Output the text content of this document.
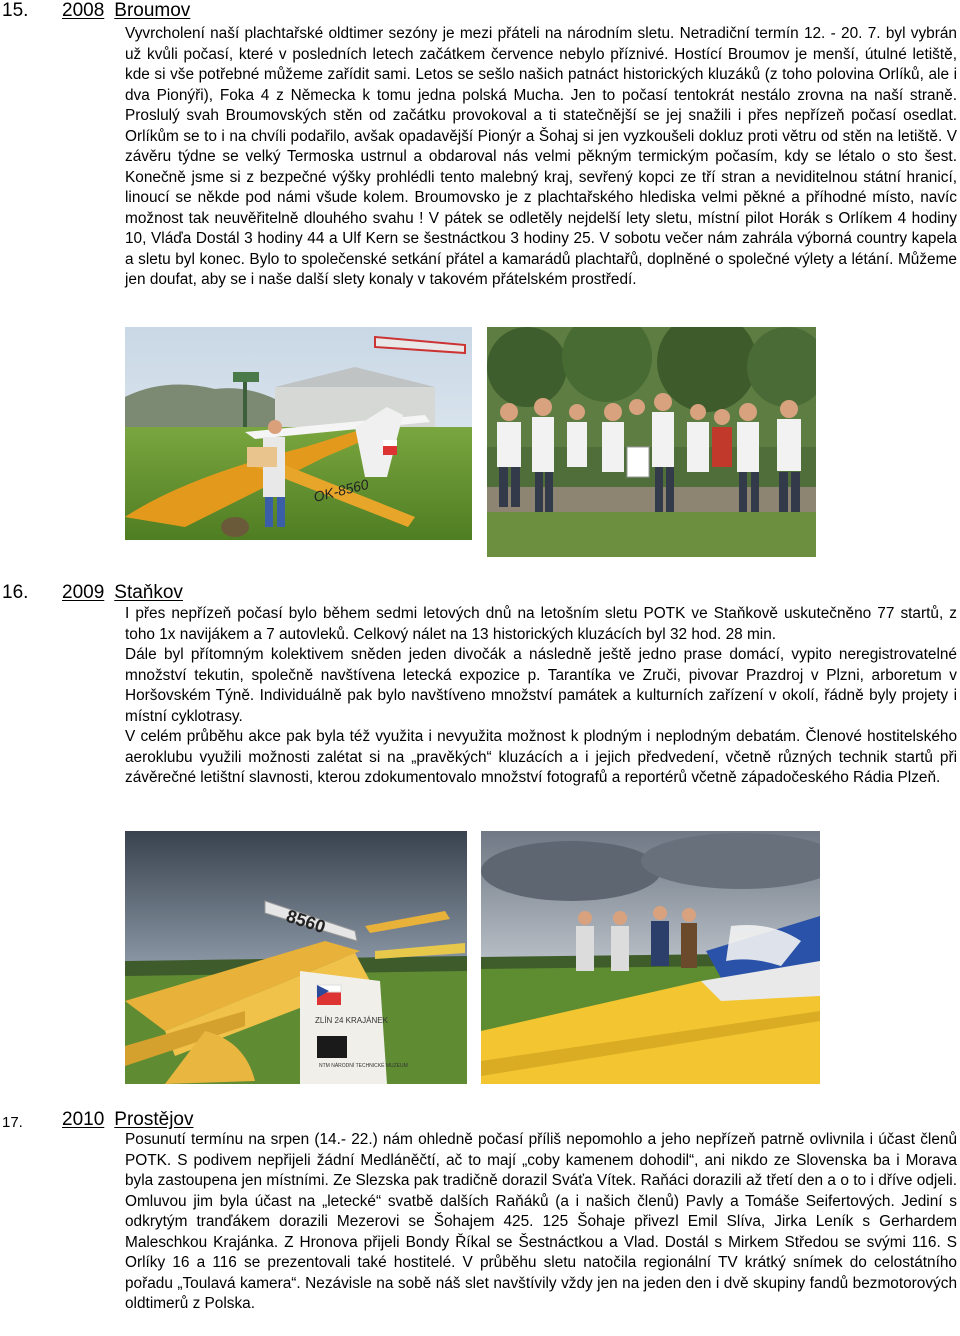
15. 2008 Broumov

Vyvrcholení naší plachtařské oldtimer sezóny je mezi přáteli na národním sletu. Netradiční termín 12. - 20. 7. byl vybrán už kvůli počasí, které v posledních letech začátkem července nebylo příznivé. Hostící Broumov je menší, útulné letiště, kde si vše potřebné můžeme zařídit sami. Letos se sešlo našich patnáct historických kluzáků (z toho polovina Orlíků, ale i dva Pionýři), Foka 4 z Německa k tomu jedna polská Mucha. Jen to počasí tentokrát nestálo zrovna na naší straně. Proslulý svah Broumovských stěn od začátku provokoval a ti statečnější se jej snažili i přes nepřízeň počasí osedlat. Orlíkům se to i na chvíli podařilo, avšak opadavější Pionýr a Šohaj si jen vyzkoušeli dokluz proti větru od stěn na letiště. V závěru týdne se velký Termoska ustrnul a obdaroval nás velmi pěkným termickým počasím, kdy se létalo o sto šest. Konečně jsme si z bezpečné výšky prohlédli tento malebný kraj, sevřený kopci ze tří stran a neviditelnou státní hranicí, linoucí se někde pod námi všude kolem. Broumovsko je z plachtařského hlediska velmi pěkné a příhodné místo, navíc možnost tak neuvěřitelně dlouhého svahu ! V pátek se odletěly nejdelší lety sletu, místní pilot Horák s Orlíkem 4 hodiny 10, Vláďa Dostál 3 hodiny 44 a Ulf Kern se šestnáctkou 3 hodiny 25. V sobotu večer nám zahrála výborná country kapela a sletu byl konec. Bylo to společenské setkání přátel a kamarádů plachtařů, doplněné o společné výlety a létání. Můžeme jen doufat, aby se i naše další slety konaly v takovém přátelském prostředí.

OK-8560
16. 2009 Staňkov

I přes nepřízeň počasí bylo během sedmi letových dnů na letošním sletu POTK ve Staňkově uskutečněno 77 startů, z toho 1x navijákem a 7 autovleků. Celkový nálet na 13 historických kluzácích byl 32 hod. 28 min.

Dále byl přítomným kolektivem sněden jeden divočák a následně ještě jedno prase domácí, vypito neregistrovatelné množství tekutin, společně navštívena letecká expozice p. Tarantíka ve Zruči, pivovar Prazdroj v Plzni, arboretum v Horšovském Týně. Individuálně pak bylo navštíveno množství památek a kulturních zařízení v okolí, řádně byly projety i místní cyklotrasy.

V celém průběhu akce pak byla též využita i nevyužita možnost k plodným i neplodným debatám. Členové hostitelského aeroklubu využili možnosti zalétat si na „pravěkých“ kluzácích a i jejich předvedení, včetně různých technik startů při závěrečné letištní slavnosti, kterou zdokumentovalo množství fotografů a reportérů včetně západočeského Rádia Plzeň.

8560
ZLÍN 24 KRAJÁNEK
NTM NÁRODNÍ TECHNICKÉ MUZEUM
17. 2010 Prostějov

Posunutí termínu na srpen (14.- 22.) nám ohledně počasí příliš nepomohlo a jeho nepřízeň patrně ovlivnila i účast členů POTK. S podivem nepřijeli žádní Medláněčtí, ač to mají „coby kamenem dohodil“, ani nikdo ze Slovenska ba i Morava byla zastoupena jen místními. Ze Slezska pak tradičně dorazil Sváťa Vítek. Raňáci dorazili až třetí den a o to i dříve odjeli. Omluvou jim byla účast na „letecké“ svatbě dalších Raňáků (a i našich členů) Pavly a Tomáše Seifertových. Jediní s odkrytým tranďákem dorazili Mezerovi se Šohajem 425. 125 Šohaje přivezl Emil Slíva, Jirka Leník s Gerhardem Maleschkou Krajánka. Z Hronova přijeli Bondy Říkal se Šestnáctkou a Vlad. Dostál s Mirkem Středou se svými 116. S Orlíky 16 a 116 se prezentovali také hostitelé. V průběhu sletu natočila regionální TV krátký snímek do celostátního pořadu „Toulavá kamera“. Nezávisle na sobě náš slet navštívily vždy jen na jeden den i dvě skupiny fandů bezmotorových oldtimerů z Polska.
